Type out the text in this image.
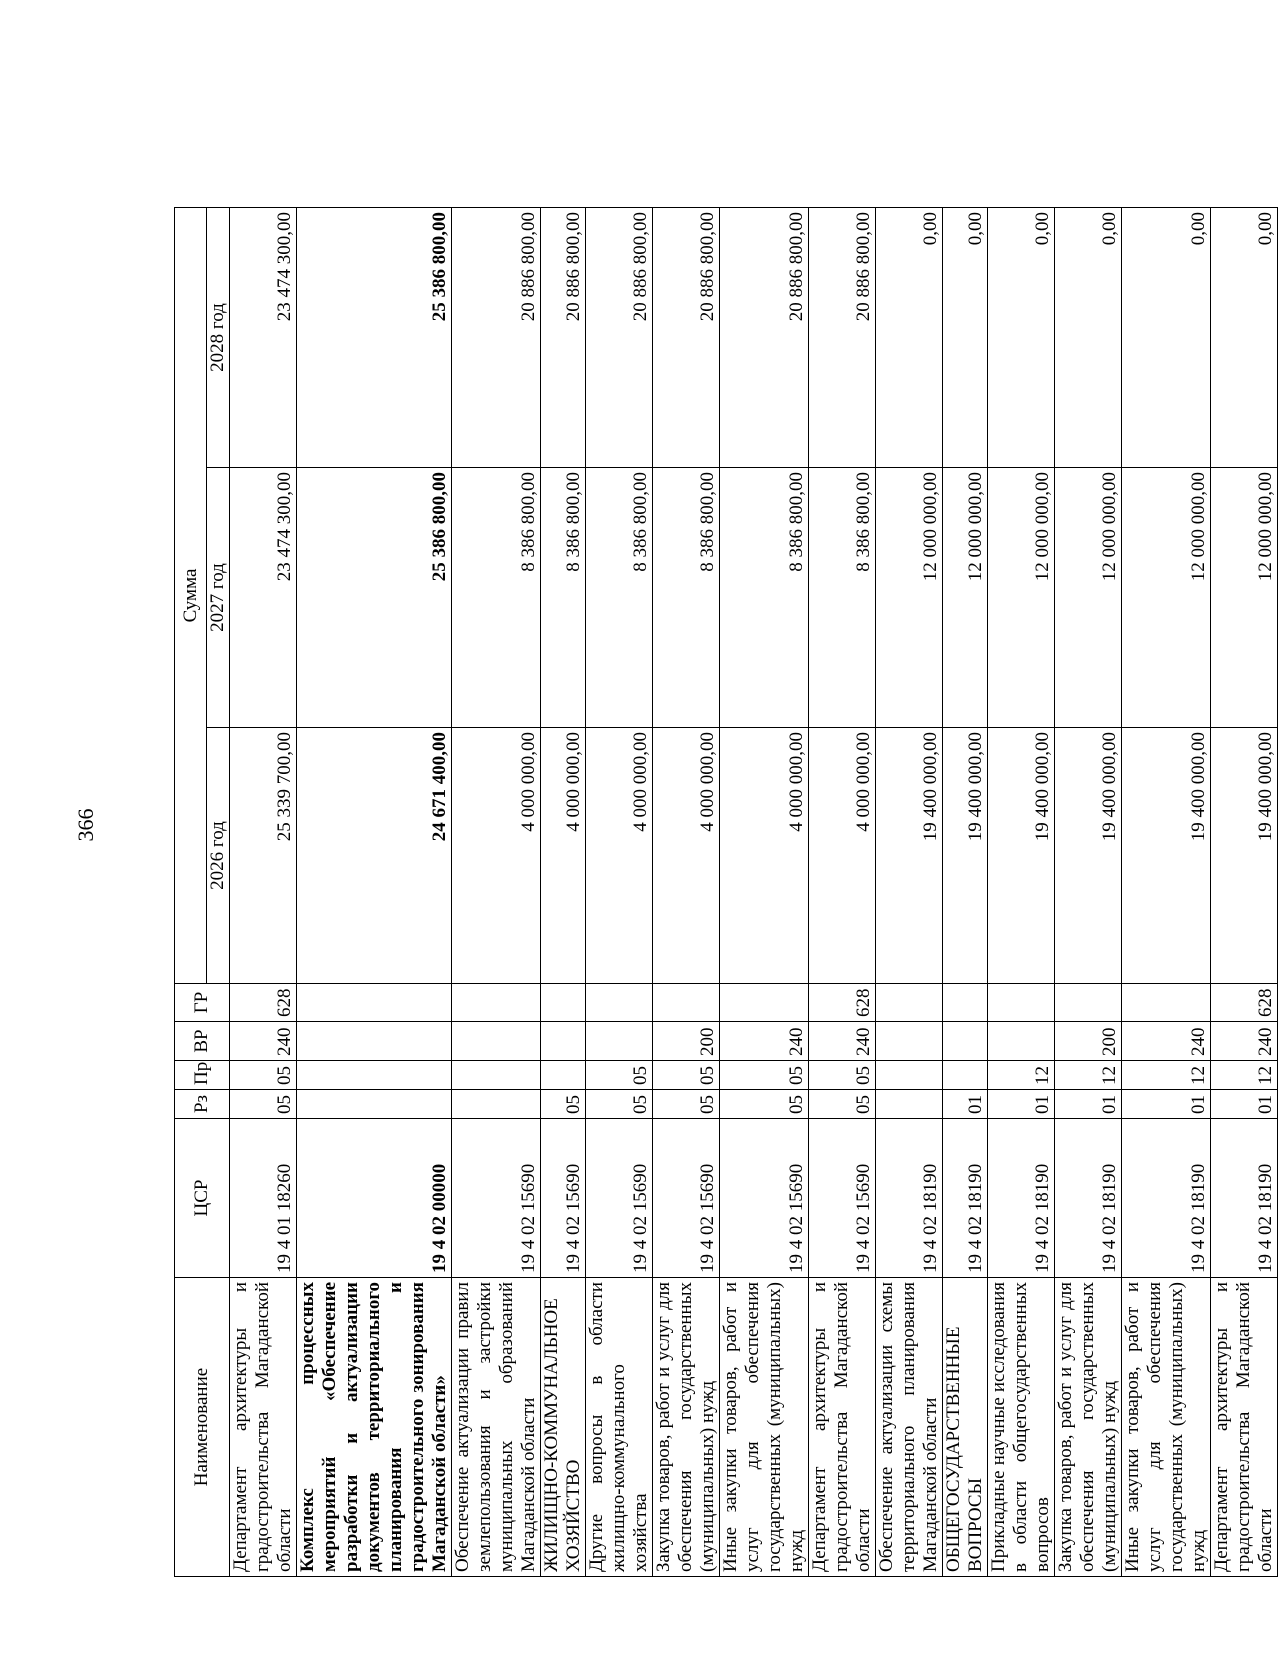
366
Наименование	ЦСР	Рз	Пр	ВР	ГР	Сумма		
						2026 год	2027 год	2028 год
Департамент архитектуры и градостроительства Магаданской области	19 4 01 18260	05	05	240	628	25 339 700,00	23 474 300,00	23 474 300,00
Комплекс процессных мероприятий «Обеспечение разработки и актуализации документов территориального планирования и градостроительного зонирования Магаданской области»	19 4 02 00000					24 671 400,00	25 386 800,00	25 386 800,00
Обеспечение актуализации правил землепользования и застройки муниципальных образований Магаданской области	19 4 02 15690					4 000 000,00	8 386 800,00	20 886 800,00
ЖИЛИЩНО-КОММУНАЛЬНОЕ ХОЗЯЙСТВО	19 4 02 15690	05				4 000 000,00	8 386 800,00	20 886 800,00
Другие вопросы в области жилищно-коммунального хозяйства	19 4 02 15690	05	05			4 000 000,00	8 386 800,00	20 886 800,00
Закупка товаров, работ и услуг для обеспечения государственных (муниципальных) нужд	19 4 02 15690	05	05	200		4 000 000,00	8 386 800,00	20 886 800,00
Иные закупки товаров, работ и услуг для обеспечения государственных (муниципальных) нужд	19 4 02 15690	05	05	240		4 000 000,00	8 386 800,00	20 886 800,00
Департамент архитектуры и градостроительства Магаданской области	19 4 02 15690	05	05	240	628	4 000 000,00	8 386 800,00	20 886 800,00
Обеспечение актуализации схемы территориального планирования Магаданской области	19 4 02 18190					19 400 000,00	12 000 000,00	0,00
ОБЩЕГОСУДАРСТВЕННЫЕ ВОПРОСЫ	19 4 02 18190	01				19 400 000,00	12 000 000,00	0,00
Прикладные научные исследования в области общегосударственных вопросов	19 4 02 18190	01	12			19 400 000,00	12 000 000,00	0,00
Закупка товаров, работ и услуг для обеспечения государственных (муниципальных) нужд	19 4 02 18190	01	12	200		19 400 000,00	12 000 000,00	0,00
Иные закупки товаров, работ и услуг для обеспечения государственных (муниципальных) нужд	19 4 02 18190	01	12	240		19 400 000,00	12 000 000,00	0,00
Департамент архитектуры и градостроительства Магаданской области	19 4 02 18190	01	12	240	628	19 400 000,00	12 000 000,00	0,00
